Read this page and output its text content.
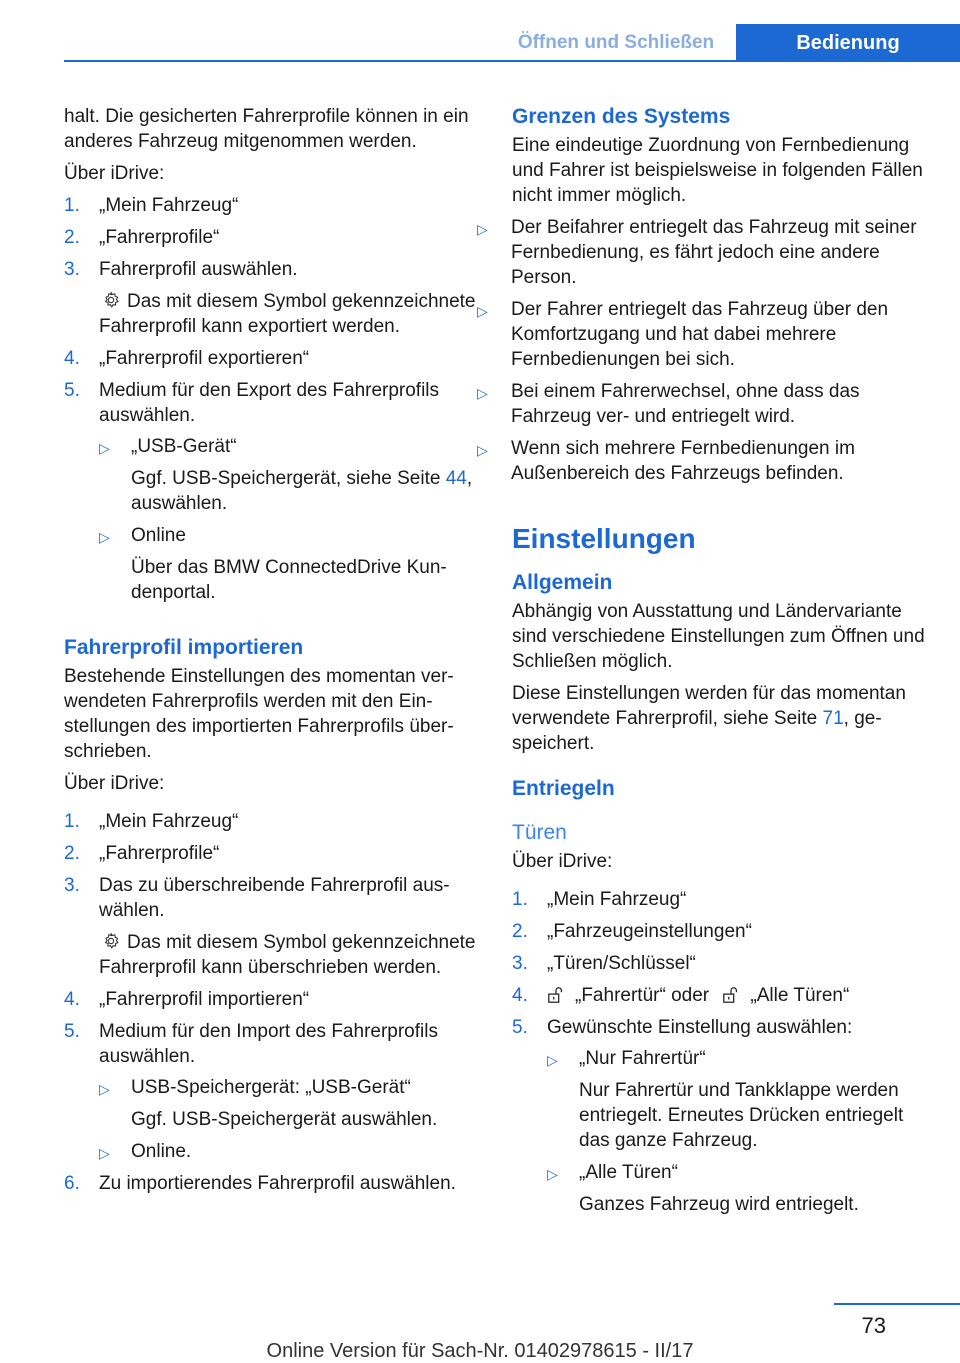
Öffnen und Schließen	Bedienung

halt. Die gesicherten Fahrerprofile können in ein anderes Fahrzeug mitgenommen werden.

Über iDrive:

1. „Mein Fahrzeug“
2. „Fahrerprofile“
3. Fahrerprofil auswählen.

Das mit diesem Symbol gekennzeichnete Fahrerprofil kann exportiert werden.

4. „Fahrerprofil exportieren“
5. Medium für den Export des Fahrerprofils auswählen.
▷ „USB-Gerät“
Ggf. USB-Speichergerät, siehe Seite 44, auswählen.
▷ Online
Über das BMW ConnectedDrive Kundenportal.
Fahrerprofil importieren

Bestehende Einstellungen des momentan verwendeten Fahrerprofils werden mit den Einstellungen des importierten Fahrerprofils überschrieben.

Über iDrive:

1. „Mein Fahrzeug“
2. „Fahrerprofile“
3. Das zu überschreibende Fahrerprofil auswählen.

Das mit diesem Symbol gekennzeichnete Fahrerprofil kann überschrieben werden.

4. „Fahrerprofil importieren“
5. Medium für den Import des Fahrerprofils auswählen.
▷ USB-Speichergerät: „USB-Gerät“
Ggf. USB-Speichergerät auswählen.
▷ Online.
6. Zu importierendes Fahrerprofil auswählen.
Grenzen des Systems

Eine eindeutige Zuordnung von Fernbedienung und Fahrer ist beispielsweise in folgenden Fällen nicht immer möglich.

▷ Der Beifahrer entriegelt das Fahrzeug mit seiner Fernbedienung, es fährt jedoch eine andere Person.
▷ Der Fahrer entriegelt das Fahrzeug über den Komfortzugang und hat dabei mehrere Fernbedienungen bei sich.
▷ Bei einem Fahrerwechsel, ohne dass das Fahrzeug ver- und entriegelt wird.
▷ Wenn sich mehrere Fernbedienungen im Außenbereich des Fahrzeugs befinden.
Einstellungen
Allgemein

Abhängig von Ausstattung und Ländervariante sind verschiedene Einstellungen zum Öffnen und Schließen möglich.

Diese Einstellungen werden für das momentan verwendete Fahrerprofil, siehe Seite 71, gespeichert.

Entriegeln
Türen

Über iDrive:

1. „Mein Fahrzeug“
2. „Fahrzeugeinstellungen“
3. „Türen/Schlüssel“
4. „Fahrertür“ oder „Alle Türen“
5. Gewünschte Einstellung auswählen:
▷ „Nur Fahrertür“
Nur Fahrertür und Tankklappe werden entriegelt. Erneutes Drücken entriegelt das ganze Fahrzeug.
▷ „Alle Türen“
Ganzes Fahrzeug wird entriegelt.
73
Online Version für Sach-Nr. 01402978615 - II/17
